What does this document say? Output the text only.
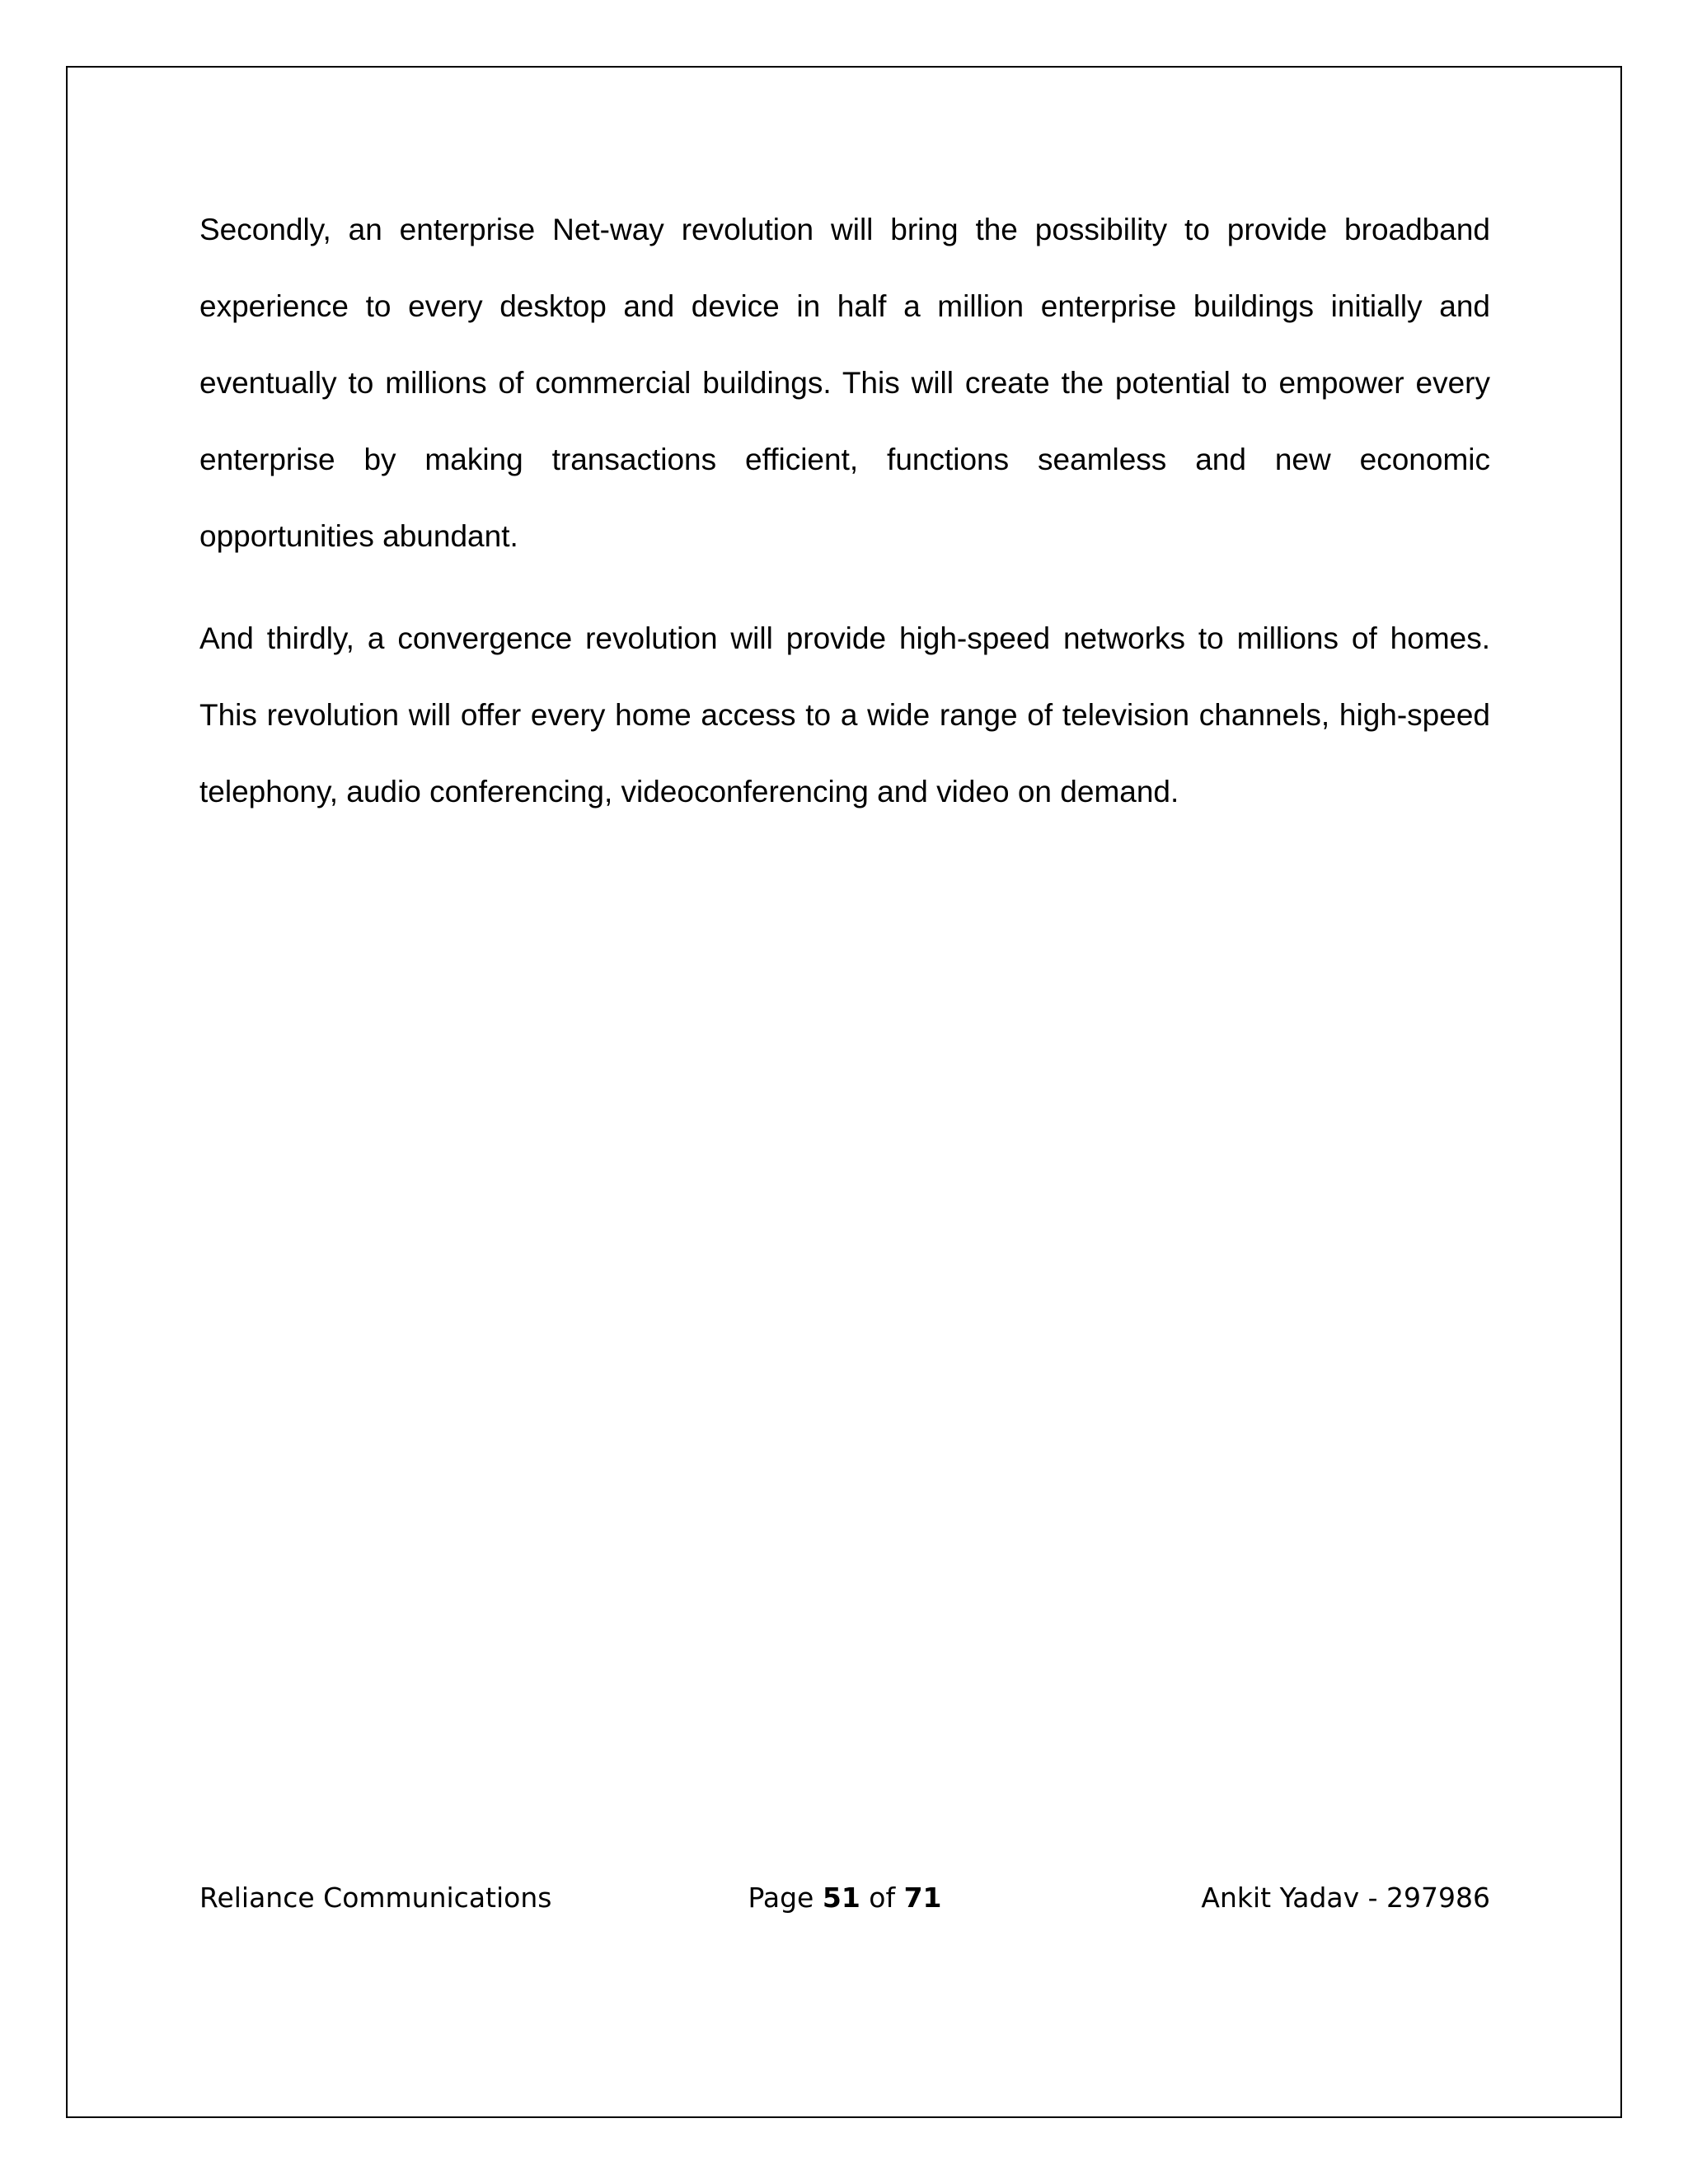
Secondly, an enterprise Net-way revolution will bring the possibility to provide broadband experience to every desktop and device in half a million enterprise buildings initially and eventually to millions of commercial buildings. This will create the potential to empower every enterprise by making transactions efficient, functions seamless and new economic opportunities abundant.

And thirdly, a convergence revolution will provide high-speed networks to millions of homes. This revolution will offer every home access to a wide range of television channels, high-speed telephony, audio conferencing, videoconferencing and video on demand.

Reliance Communications	Page 51 of 71	Ankit Yadav - 297986
